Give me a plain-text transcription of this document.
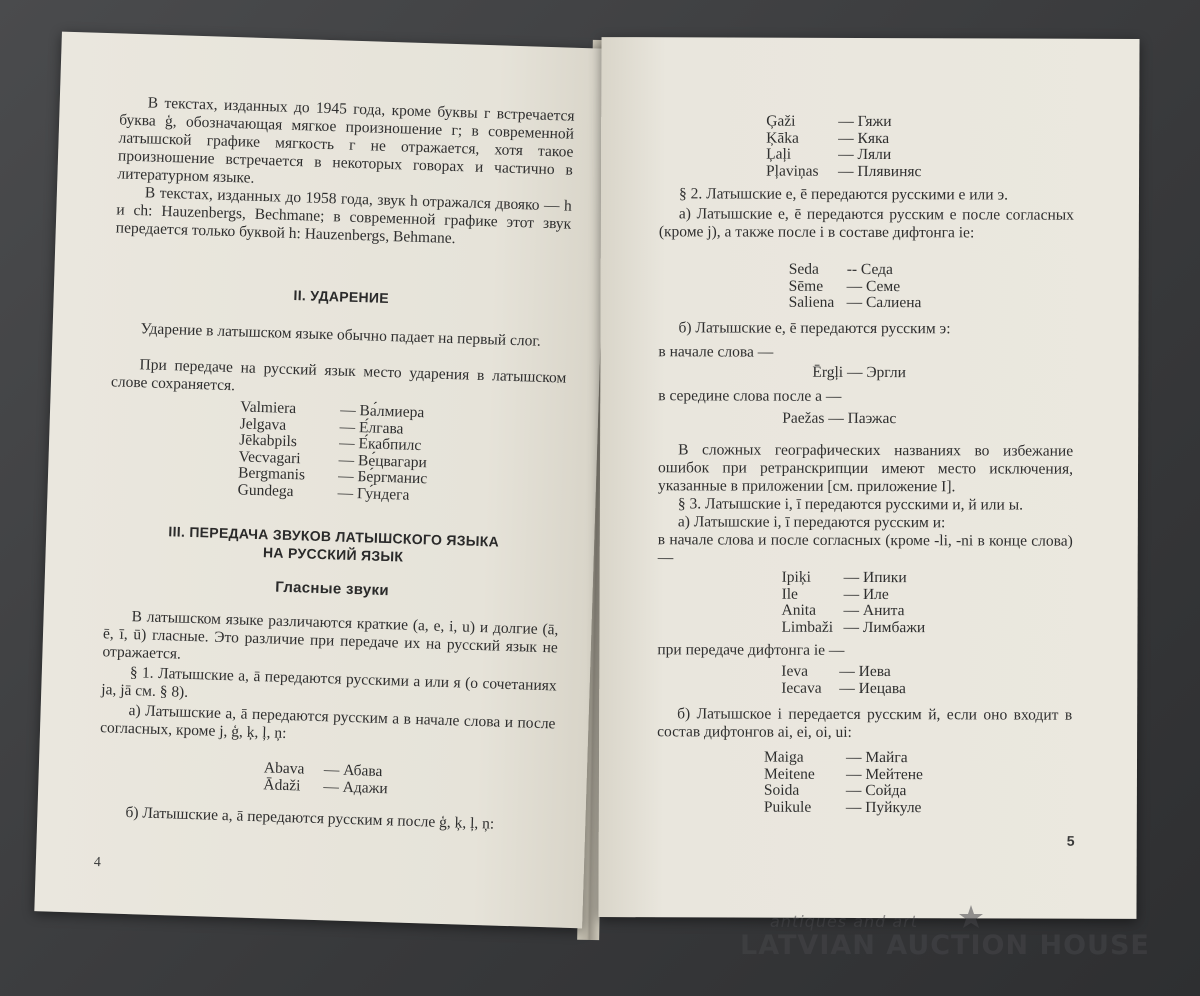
В текстах, изданных до 1945 года, кроме буквы г встречается буква ģ, обозначающая мягкое произношение г; в современной латышской графике мягкость г не отражается, хотя такое произношение встречается в некоторых говорах и частично в литературном языке.
В текстах, изданных до 1958 года, звук h отражался двояко — h и ch: Hauzenbergs, Bechmane; в современной графике этот звук передается только буквой h: Hauzenbergs, Behmane.
II. УДАРЕНИЕ
Ударение в латышском языке обычно падает на первый слог.
При передаче на русский язык место ударения в латышском слове сохраняется.
Valmiera	— Ва́лмиера
Jelgava	— Е́лгава
Jēkabpils	— Е́кабпилс
Vecvagari	— Ве́цвагари
Bergmanis	— Бе́ргманис
Gundega	— Гу́ндега
III. ПЕРЕДАЧА ЗВУКОВ ЛАТЫШСКОГО ЯЗЫКА
НА РУССКИЙ ЯЗЫК
Гласные звуки
В латышском языке различаются краткие (a, e, i, u) и долгие (ā, ē, ī, ū) гласные. Это различие при передаче их на русский язык не отражается.
§ 1. Латышские a, ā передаются русскими а или я (о сочетаниях ja, jā см. § 8).
а) Латышские a, ā передаются русским а в начале слова и после согласных, кроме j, ģ, ķ, ļ, ņ:
Abava	— Абава
Ādaži	— Адажи
б) Латышские a, ā передаются русским я после ģ, ķ, ļ, ņ:
4
Ģaži	— Гяжи
Ķāka	— Кяка
Ļaļi	— Ляли
Pļaviņas	— Плявиняс
§ 2. Латышские e, ē передаются русскими е или э.
а) Латышские e, ē передаются русским е после согласных (кроме j), а также после i в составе дифтонга ie:
Seda	-- Седа
Sēme	— Семе
Saliena — Салиена
б) Латышские e, ē передаются русским э:
в начале слова —
Ērgļi — Эргли
в середине слова после а —
Paežas — Паэжас
В сложных географических названиях во избежание ошибок при ретранскрипции имеют место исключения, указанные в приложении [см. приложение I].
§ 3. Латышские i, ī передаются русскими и, й или ы.
а) Латышские i, ī передаются русским и:
в начале слова и после согласных (кроме -li, -ni в конце слова) —
Ipiķi	— Ипики
Ile	— Иле
Anita	— Анита
Limbaži — Лимбажи
при передаче дифтонга ie —
Ieva	— Иева
Iecava	— Иецава
б) Латышское i передается русским й, если оно входит в состав дифтонгов ai, ei, oi, ui:
Maiga	— Майга
Meitene	— Мейтене
Soida	— Сойда
Puikule	— Пуйкуле
5
antiques and art
LATVIAN AUCTION HOUSE
